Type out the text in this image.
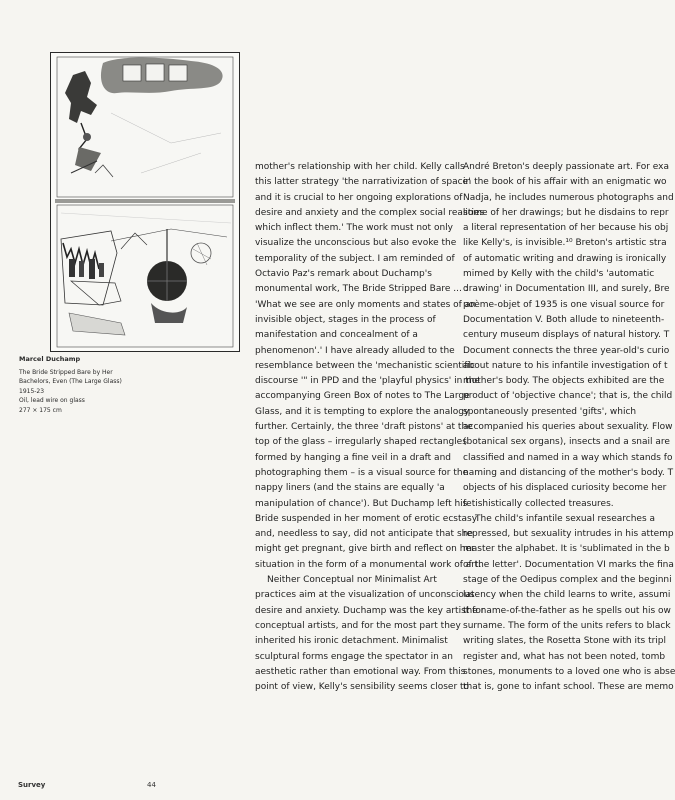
Marcel Duchamp
The Bride Stripped Bare by Her
Bachelors, Even (The Large Glass)
1915-23
Oil, lead wire on glass
277 × 175 cm
mother's relationship with her child. Kelly calls
this latter strategy 'the narrativization of space'
and it is crucial to her ongoing explorations of
desire and anxiety and the complex social realities
which inflect them.' The work must not only
visualize the unconscious but also evoke the
temporality of the subject. I am reminded of
Octavio Paz's remark about Duchamp's
monumental work, The Bride Stripped Bare ... :
'What we see are only moments and states of an
invisible object, stages in the process of
manifestation and concealment of a
phenomenon'.' I have already alluded to the
resemblance between the 'mechanistic scientific
discourse '" in PPD and the 'playful physics' in the
accompanying Green Box of notes to The Large
Glass, and it is tempting to explore the analogy
further. Certainly, the three 'draft pistons' at the
top of the glass – irregularly shaped rectangles
formed by hanging a fine veil in a draft and
photographing them – is a visual source for the
nappy liners (and the stains are equally 'a
manipulation of chance'). But Duchamp left his
Bride suspended in her moment of erotic ecstasy
and, needless to say, did not anticipate that she
might get pregnant, give birth and reflect on her
situation in the form of a monumental work of art.
Neither Conceptual nor Minimalist Art
practices aim at the visualization of unconscious
desire and anxiety. Duchamp was the key artist for
conceptual artists, and for the most part they
inherited his ironic detachment. Minimalist
sculptural forms engage the spectator in an
aesthetic rather than emotional way. From this
point of view, Kelly's sensibility seems closer to
André Breton's deeply passionate art. For exa
in the book of his affair with an enigmatic wo
Nadja, he includes numerous photographs and
some of her drawings; but he disdains to repr
a literal representation of her because his obj
like Kelly's, is invisible.¹⁰ Breton's artistic stra
of automatic writing and drawing is ironically
mimed by Kelly with the child's 'automatic
drawing' in Documentation III, and surely, Bre
poème-objet of 1935 is one visual source for
Documentation V. Both allude to nineteenth-
century museum displays of natural history. T
Document connects the three year-old's curio
about nature to his infantile investigation of t
mother's body. The objects exhibited are the
product of 'objective chance'; that is, the child
spontaneously presented 'gifts', which
accompanied his queries about sexuality. Flow
(botanical sex organs), insects and a snail are
classified and named in a way which stands fo
naming and distancing of the mother's body. T
objects of his displaced curiosity become her
fetishistically collected treasures.
The child's infantile sexual researches a
repressed, but sexuality intrudes in his attemp
master the alphabet. It is 'sublimated in the b
of the letter'. Documentation VI marks the fina
stage of the Oedipus complex and the beginni
latency when the child learns to write, assumi
the name-of-the-father as he spells out his ow
surname. The form of the units refers to black
writing slates, the Rosetta Stone with its tripl
register and, what has not been noted, tomb
stones, monuments to a loved one who is abse
that is, gone to infant school. These are memo
Survey	44
